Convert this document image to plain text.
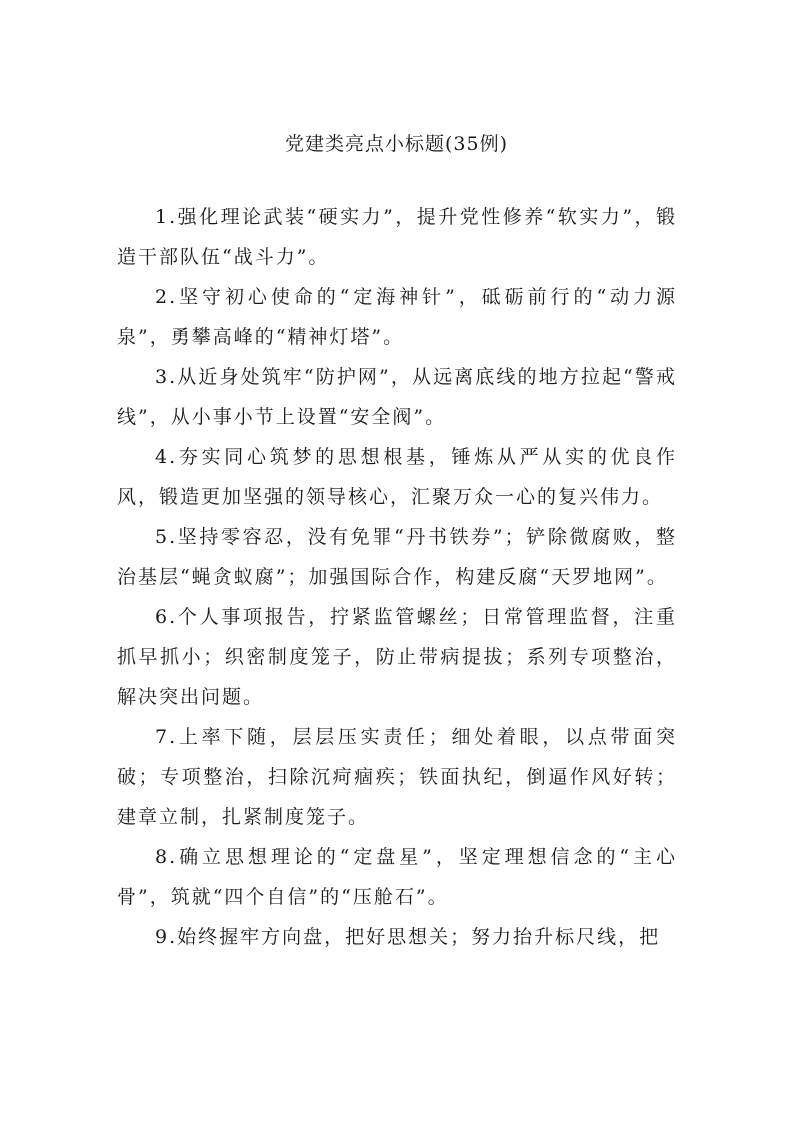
党建类亮点小标题(35例)

1.强化理论武装“硬实力”，提升党性修养“软实力”，锻造干部队伍“战斗力”。

2.坚守初心使命的“定海神针”，砥砺前行的“动力源泉”，勇攀高峰的“精神灯塔”。

3.从近身处筑牢“防护网”，从远离底线的地方拉起“警戒线”，从小事小节上设置“安全阀”。

4.夯实同心筑梦的思想根基，锤炼从严从实的优良作风，锻造更加坚强的领导核心，汇聚万众一心的复兴伟力。

5.坚持零容忍，没有免罪“丹书铁券”；铲除微腐败，整治基层“蝇贪蚁腐”；加强国际合作，构建反腐“天罗地网”。

6.个人事项报告，拧紧监管螺丝；日常管理监督，注重抓早抓小；织密制度笼子，防止带病提拔；系列专项整治，解决突出问题。

7.上率下随，层层压实责任；细处着眼，以点带面突破；专项整治，扫除沉疴痼疾；铁面执纪，倒逼作风好转；建章立制，扎紧制度笼子。

8.确立思想理论的“定盘星”，坚定理想信念的“主心骨”，筑就“四个自信”的“压舱石”。

9.始终握牢方向盘，把好思想关；努力抬升标尺线，把
